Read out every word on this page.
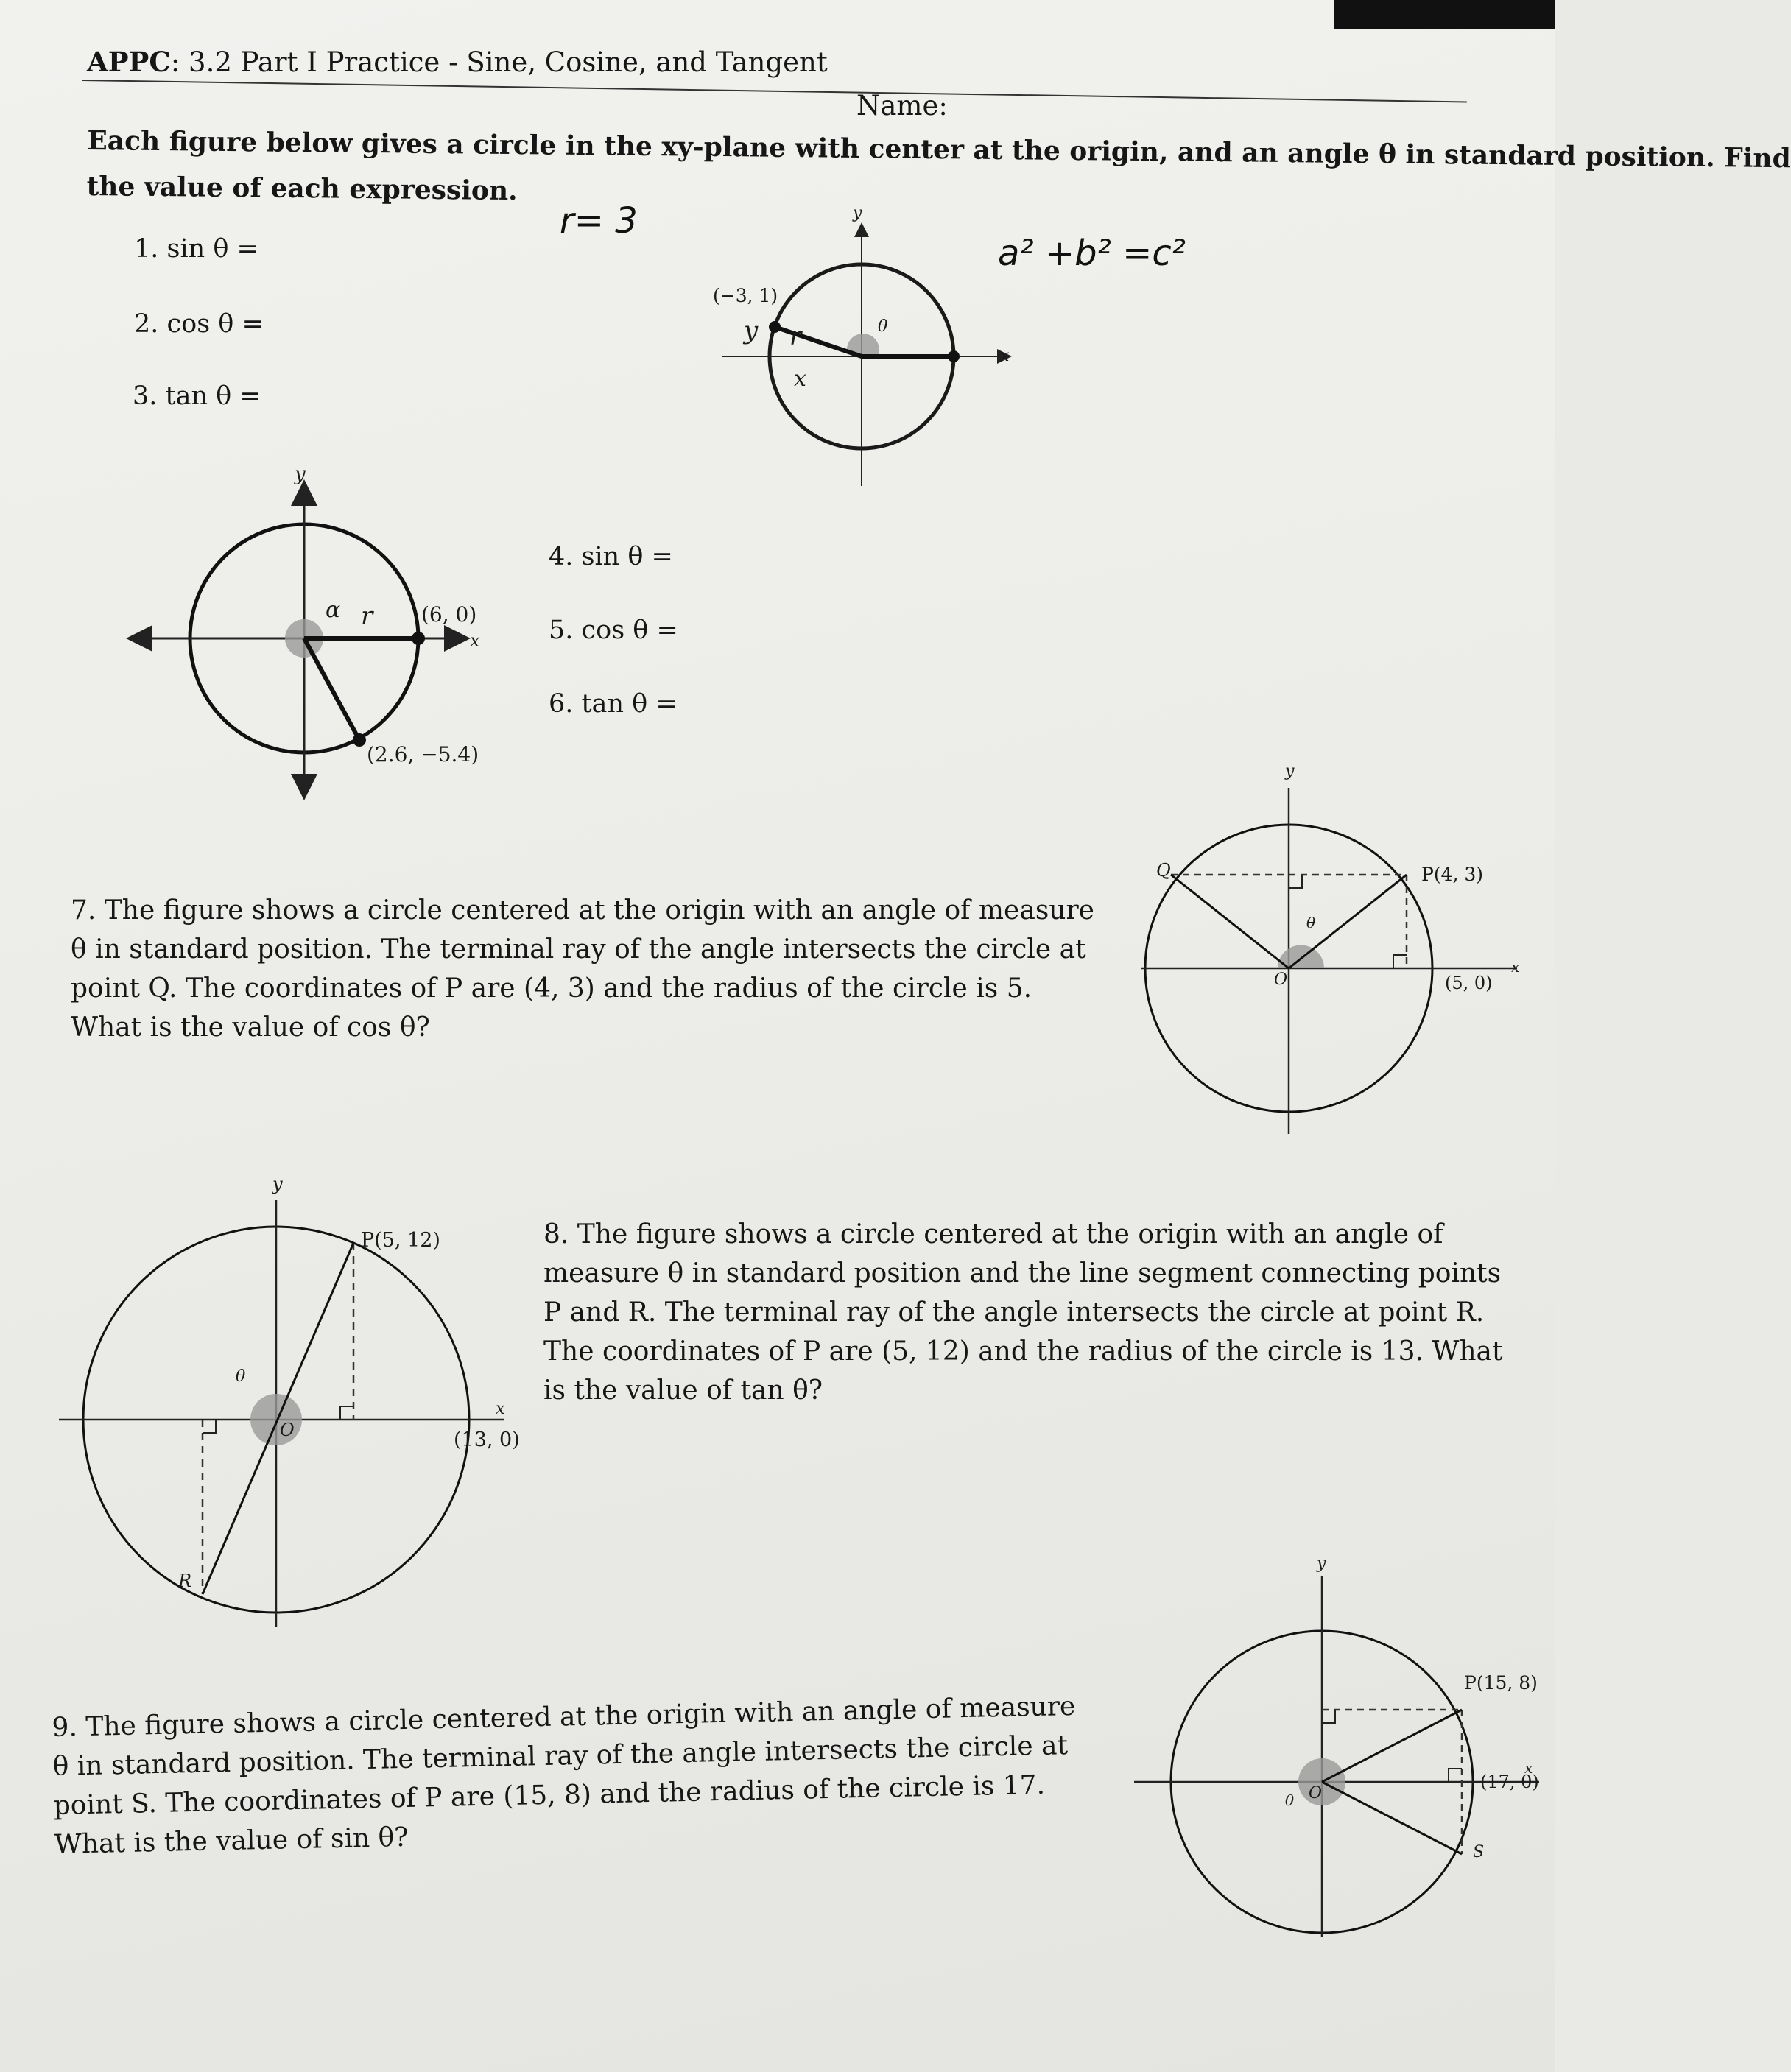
APPC: 3.2 Part I Practice - Sine, Cosine, and Tangent
Name:
Each figure below gives a circle in the xy-plane with center at the origin, and an angle θ in standard position. Find
the value of each expression.
1. sin θ =
2. cos θ =
3. tan θ =
r= 3
a² +b² =c²
(−3, 1)
y
x
θ
y r
x
(6, 0)
(2.6, −5.4)
y
x
α r
4. sin θ =
5. cos θ =
6. tan θ =
7. The figure shows a circle centered at the origin with an angle of measure θ in standard position. The terminal ray of the angle intersects the circle at point Q. The coordinates of P are (4, 3) and the radius of the circle is 5. What is the value of cos θ?
Q	P(4, 3)
(5, 0)
O
θ
y
x
P(5, 12)
(13, 0)
R
O
θ
y
x
8. The figure shows a circle centered at the origin with an angle of measure θ in standard position and the line segment connecting points P and R. The terminal ray of the angle intersects the circle at point R. The coordinates of P are (5, 12) and the radius of the circle is 13. What is the value of tan θ?
9. The figure shows a circle centered at the origin with an angle of measure θ in standard position. The terminal ray of the angle intersects the circle at point S. The coordinates of P are (15, 8) and the radius of the circle is 17. What is the value of sin θ?
P(15, 8)
(17, 0)
S
O
θ
y
x
